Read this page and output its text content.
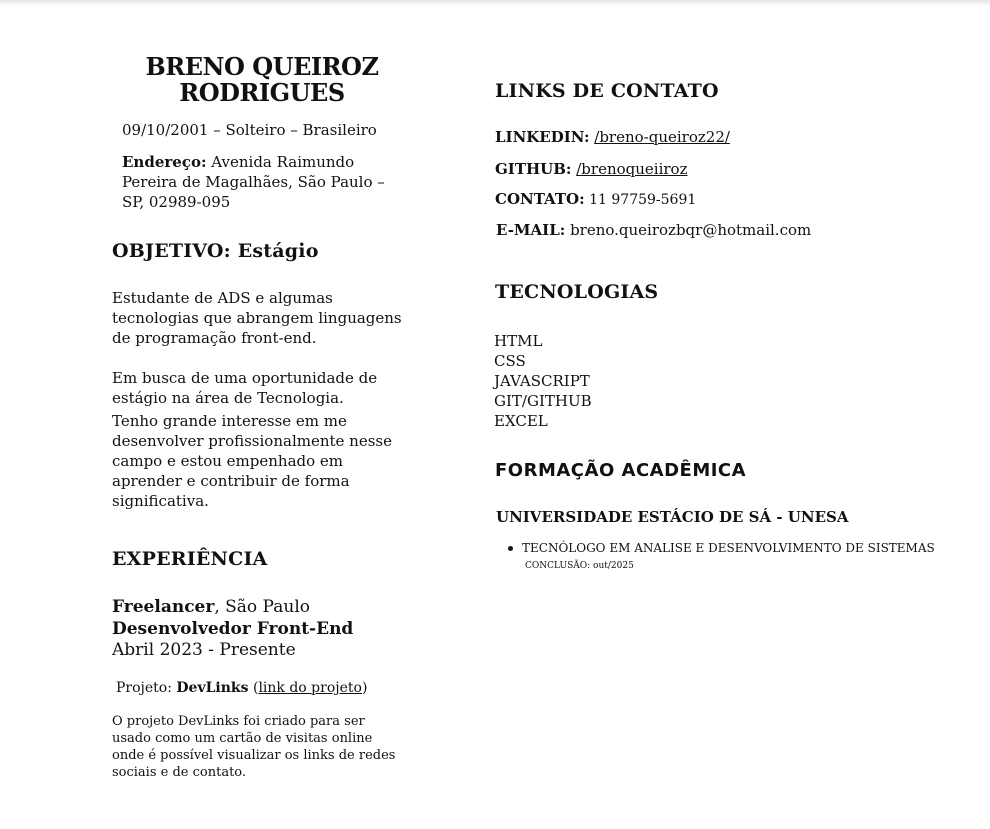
BRENO QUEIROZ RODRIGUES
09/10/2001 – Solteiro – Brasileiro
Endereço: Avenida Raimundo
Pereira de Magalhães, São Paulo –
SP, 02989-095
OBJETIVO: Estágio
Estudante de ADS e algumas tecnologias que abrangem linguagens de programação front-end.
Em busca de uma oportunidade de estágio na área de Tecnologia.
Tenho grande interesse em me desenvolver profissionalmente nesse campo e estou empenhado em aprender e contribuir de forma significativa.
EXPERIÊNCIA
Freelancer, São Paulo
Desenvolvedor Front-End
Abril 2023 - Presente
Projeto: DevLinks (link do projeto)
O projeto DevLinks foi criado para ser usado como um cartão de visitas online onde é possível visualizar os links de redes sociais e de contato.
LINKS DE CONTATO
LINKEDIN: /breno-queiroz22/
GITHUB: /brenoqueiiroz
CONTATO: 11 97759-5691
E-MAIL: breno.queirozbqr@hotmail.com
TECNOLOGIAS
HTML
CSS
JAVASCRIPT
GIT/GITHUB
EXCEL
FORMAÇÃO ACADÊMICA
UNIVERSIDADE ESTÁCIO DE SÁ - UNESA
TECNÓLOGO EM ANALISE E DESENVOLVIMENTO DE SISTEMAS
CONCLUSÃO: out/2025
